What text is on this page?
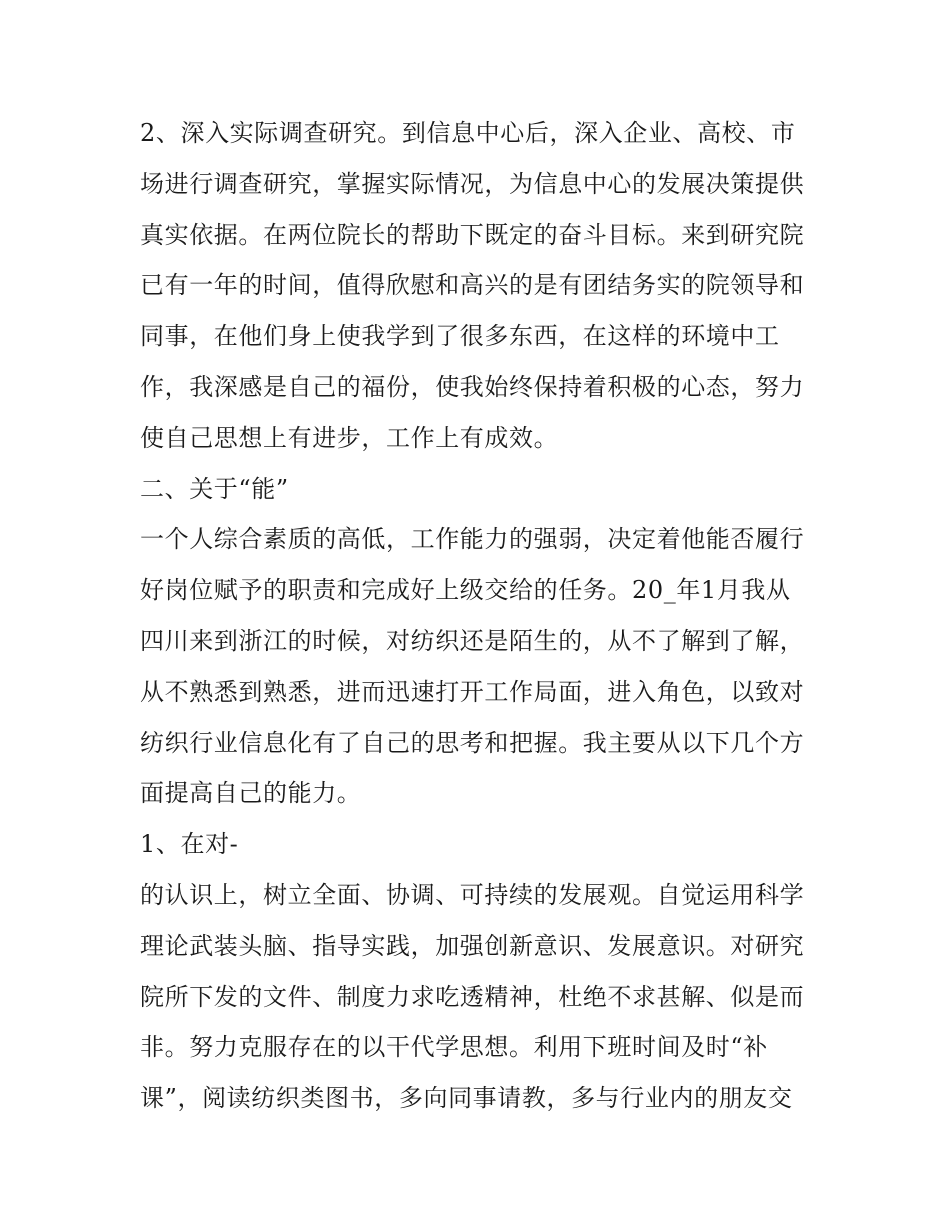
2、深入实际调查研究。到信息中心后，深入企业、高校、市

场进行调查研究，掌握实际情况，为信息中心的发展决策提供

真实依据。在两位院长的帮助下既定的奋斗目标。来到研究院

已有一年的时间，值得欣慰和高兴的是有团结务实的院领导和

同事，在他们身上使我学到了很多东西，在这样的环境中工

作，我深感是自己的福份，使我始终保持着积极的心态，努力

使自己思想上有进步，工作上有成效。

二、关于“能”

一个人综合素质的高低，工作能力的强弱，决定着他能否履行

好岗位赋予的职责和完成好上级交给的任务。20_年1月我从

四川来到浙江的时候，对纺织还是陌生的，从不了解到了解，

从不熟悉到熟悉，进而迅速打开工作局面，进入角色，以致对

纺织行业信息化有了自己的思考和把握。我主要从以下几个方

面提高自己的能力。

1、在对-

的认识上，树立全面、协调、可持续的发展观。自觉运用科学

理论武装头脑、指导实践，加强创新意识、发展意识。对研究

院所下发的文件、制度力求吃透精神，杜绝不求甚解、似是而

非。努力克服存在的以干代学思想。利用下班时间及时“补

课”，阅读纺织类图书，多向同事请教，多与行业内的朋友交
